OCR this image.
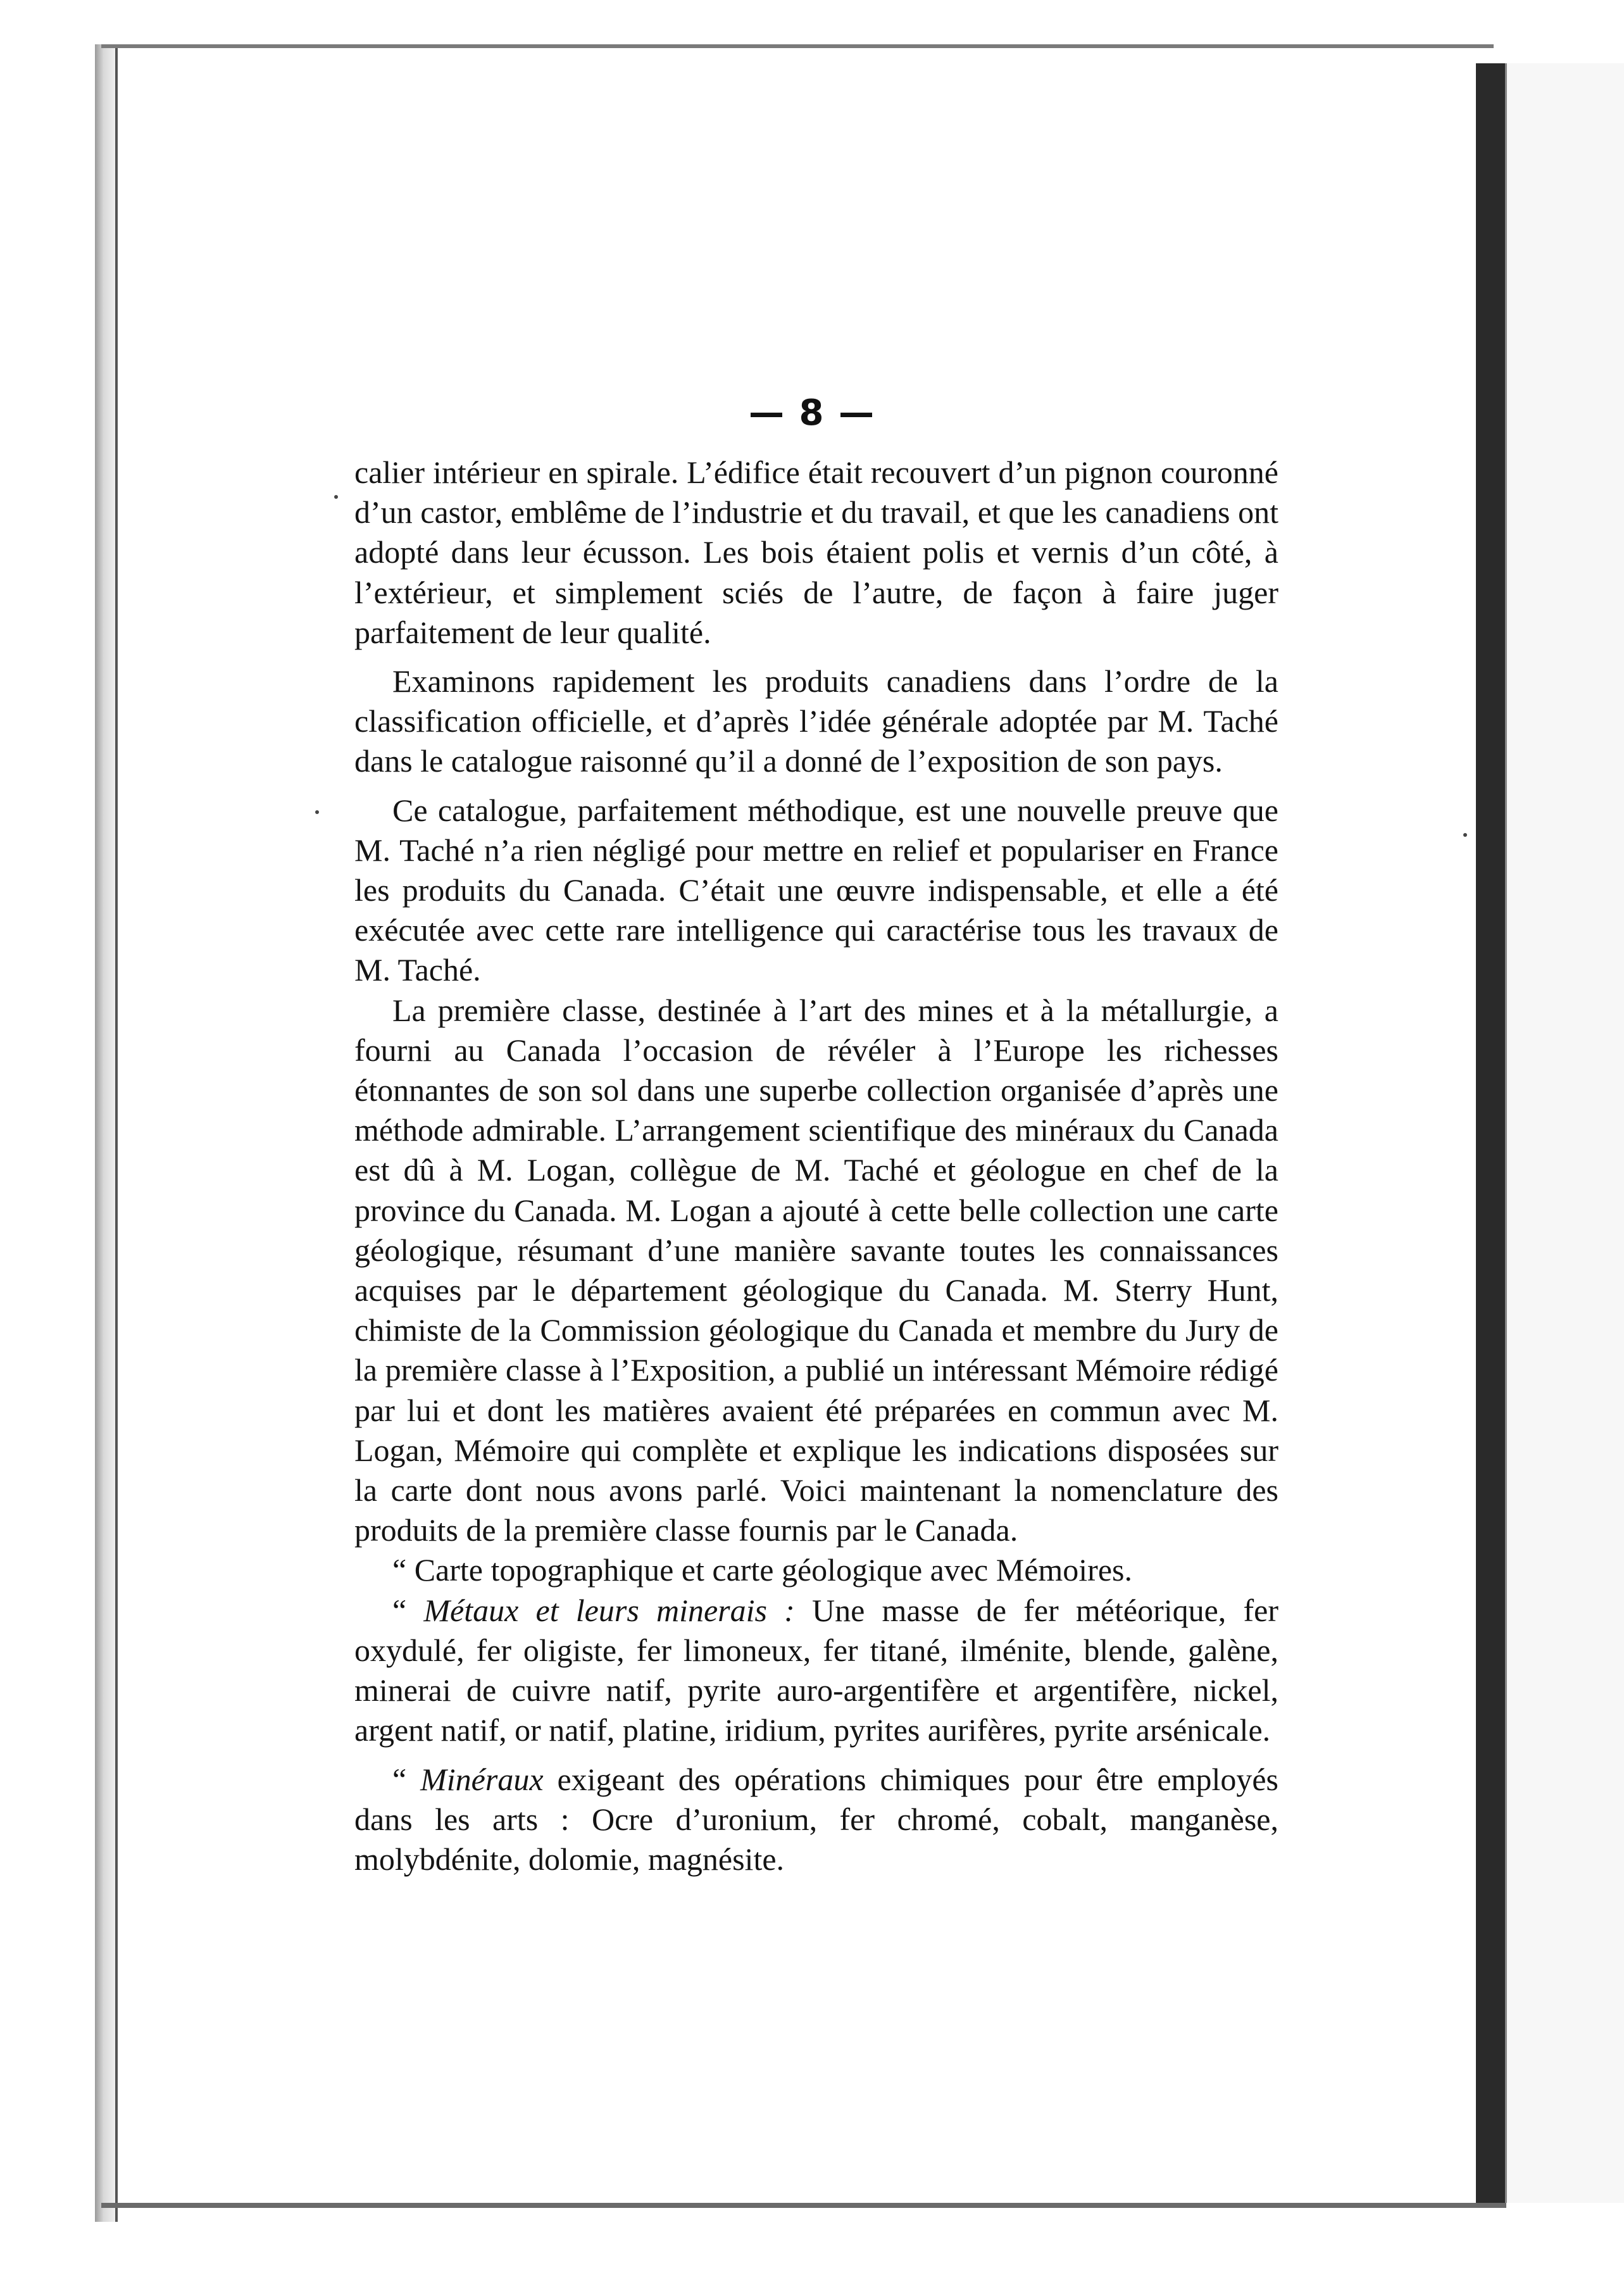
— 8 —

calier intérieur en spirale. L’édifice était recouvert d’un pignon couronné d’un castor, emblême de l’industrie et du travail, et que les canadiens ont adopté dans leur écusson. Les bois étaient polis et vernis d’un côté, à l’extérieur, et simplement sciés de l’autre, de façon à faire juger parfaitement de leur qualité.

Examinons rapidement les produits canadiens dans l’ordre de la classification officielle, et d’après l’idée générale adoptée par M. Taché dans le catalogue raisonné qu’il a donné de l’exposition de son pays.

Ce catalogue, parfaitement méthodique, est une nouvelle preuve que M. Taché n’a rien négligé pour mettre en relief et populariser en France les produits du Canada. C’était une œuvre indispensable, et elle a été exécutée avec cette rare intelligence qui caractérise tous les travaux de M. Taché.

La première classe, destinée à l’art des mines et à la métallurgie, a fourni au Canada l’occasion de révéler à l’Europe les richesses étonnantes de son sol dans une superbe collection organisée d’après une méthode admirable. L’arrangement scientifique des minéraux du Canada est dû à M. Logan, collègue de M. Taché et géologue en chef de la province du Canada. M. Logan a ajouté à cette belle collection une carte géologique, résumant d’une manière savante toutes les connaissances acquises par le département géologique du Canada. M. Sterry Hunt, chimiste de la Commission géologique du Canada et membre du Jury de la première classe à l’Exposition, a publié un intéressant Mémoire rédigé par lui et dont les matières avaient été préparées en commun avec M. Logan, Mémoire qui complète et explique les indications disposées sur la carte dont nous avons parlé. Voici maintenant la nomenclature des produits de la première classe fournis par le Canada.

“ Carte topographique et carte géologique avec Mémoires.

“ Métaux et leurs minerais : Une masse de fer météorique, fer oxydulé, fer oligiste, fer limoneux, fer titané, ilménite, blende, galène, minerai de cuivre natif, pyrite auro-argentifère et argentifère, nickel, argent natif, or natif, platine, iridium, pyrites aurifères, pyrite arsénicale.

“ Minéraux exigeant des opérations chimiques pour être employés dans les arts : Ocre d’uronium, fer chromé, cobalt, manganèse, molybdénite, dolomie, magnésite.
